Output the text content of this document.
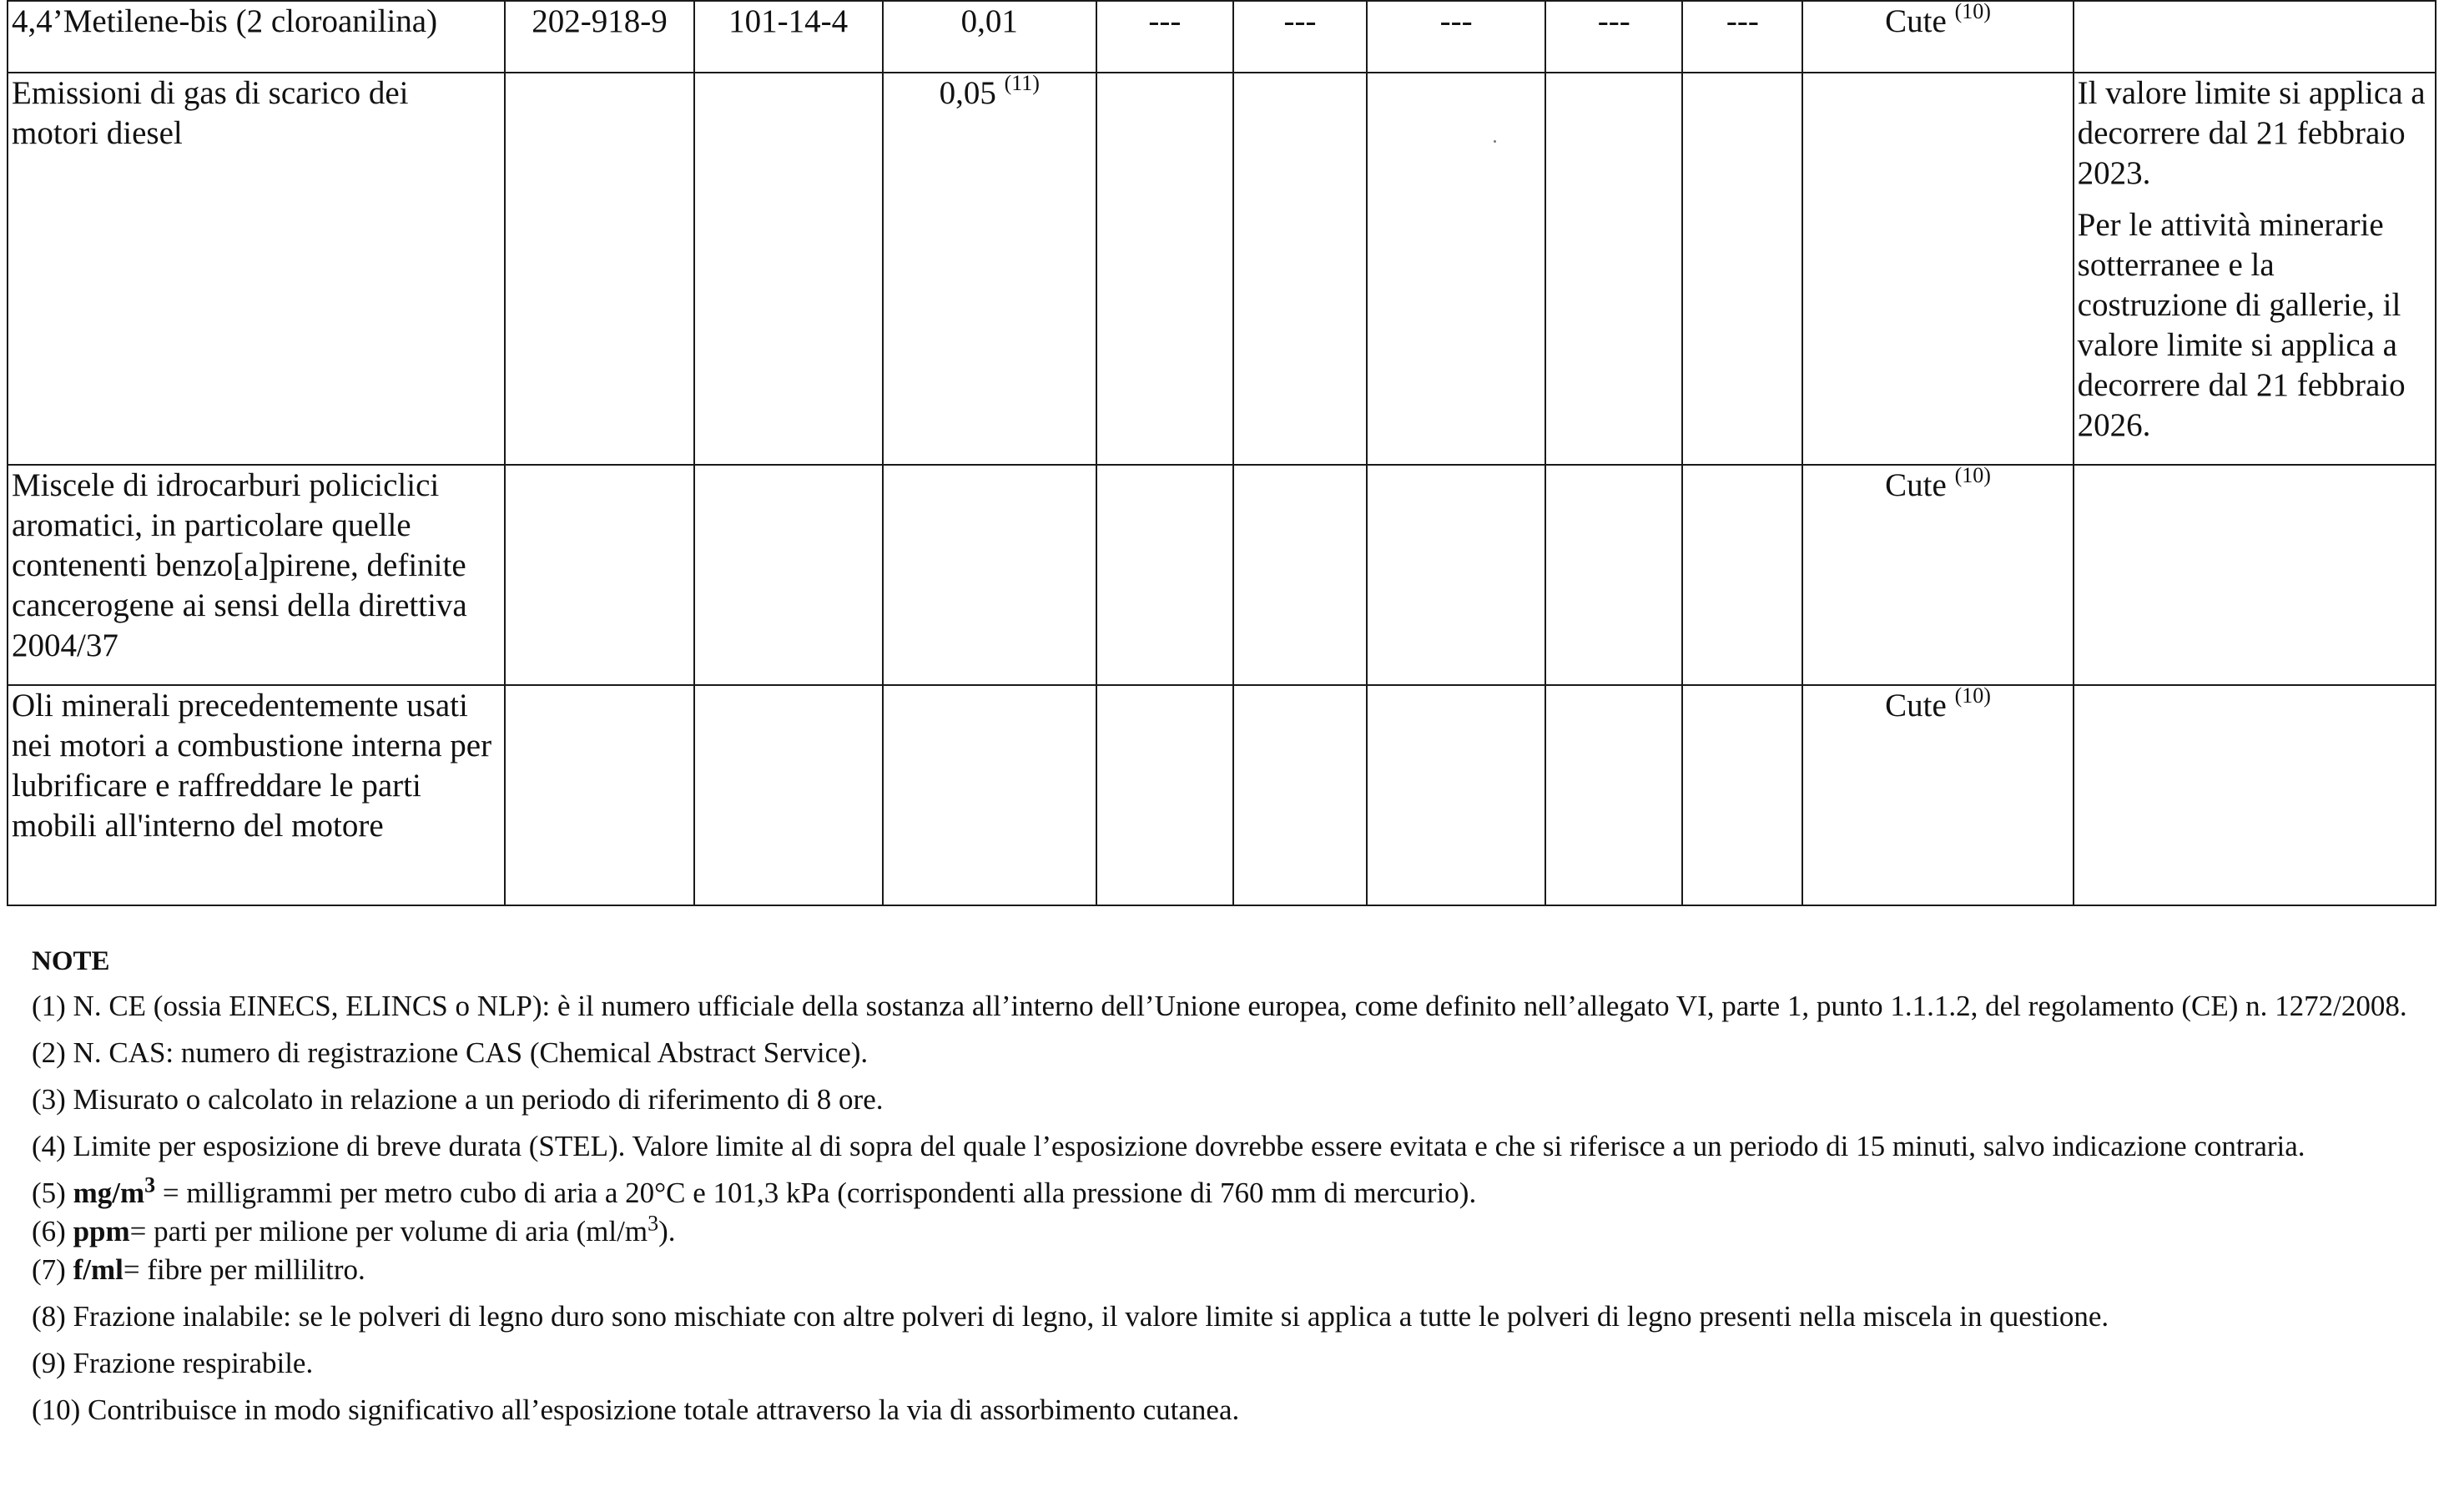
4,4’Metilene-bis (2 cloroanilina)	202-918-9	101-14-4	0,01	---	---	---	---	---	Cute $^{(10)}$	
Emissioni di gas di scarico dei motori diesel			0,05 $^{(11)}$							Il valore limite si applica a decorrere dal 21 febbraio 2023.

Per le attività minerarie sotterranee e la costruzione di gallerie, il valore limite si applica a decorrere dal 21 febbraio 2026.

Miscele di idrocarburi policiclici aromatici, in particolare quelle contenenti benzo[a]pirene, definite cancerogene ai sensi della direttiva 2004/37									Cute $^{(10)}$	
Oli minerali precedentemente usati nei motori a combustione interna per lubrificare e raffreddare le parti mobili all'interno del motore									Cute $^{(10)}$	
NOTE

(1) N. CE (ossia EINECS, ELINCS o NLP): è il numero ufficiale della sostanza all’interno dell’Unione europea, come definito nell’allegato VI, parte 1, punto 1.1.1.2, del regolamento (CE) n. 1272/2008.

(2) N. CAS: numero di registrazione CAS (Chemical Abstract Service).

(3) Misurato o calcolato in relazione a un periodo di riferimento di 8 ore.

(4) Limite per esposizione di breve durata (STEL). Valore limite al di sopra del quale l’esposizione dovrebbe essere evitata e che si riferisce a un periodo di 15 minuti, salvo indicazione contraria.

(5) $mg/m^3$ = milligrammi per metro cubo di aria a 20°C e 101,3 kPa (corrispondenti alla pressione di 760 mm di mercurio).

(6) ppm= parti per milione per volume di aria $(ml/m^3)$.

(7) f/ml= fibre per millilitro.

(8) Frazione inalabile: se le polveri di legno duro sono mischiate con altre polveri di legno, il valore limite si applica a tutte le polveri di legno presenti nella miscela in questione.

(9) Frazione respirabile.

(10) Contribuisce in modo significativo all’esposizione totale attraverso la via di assorbimento cutanea.
